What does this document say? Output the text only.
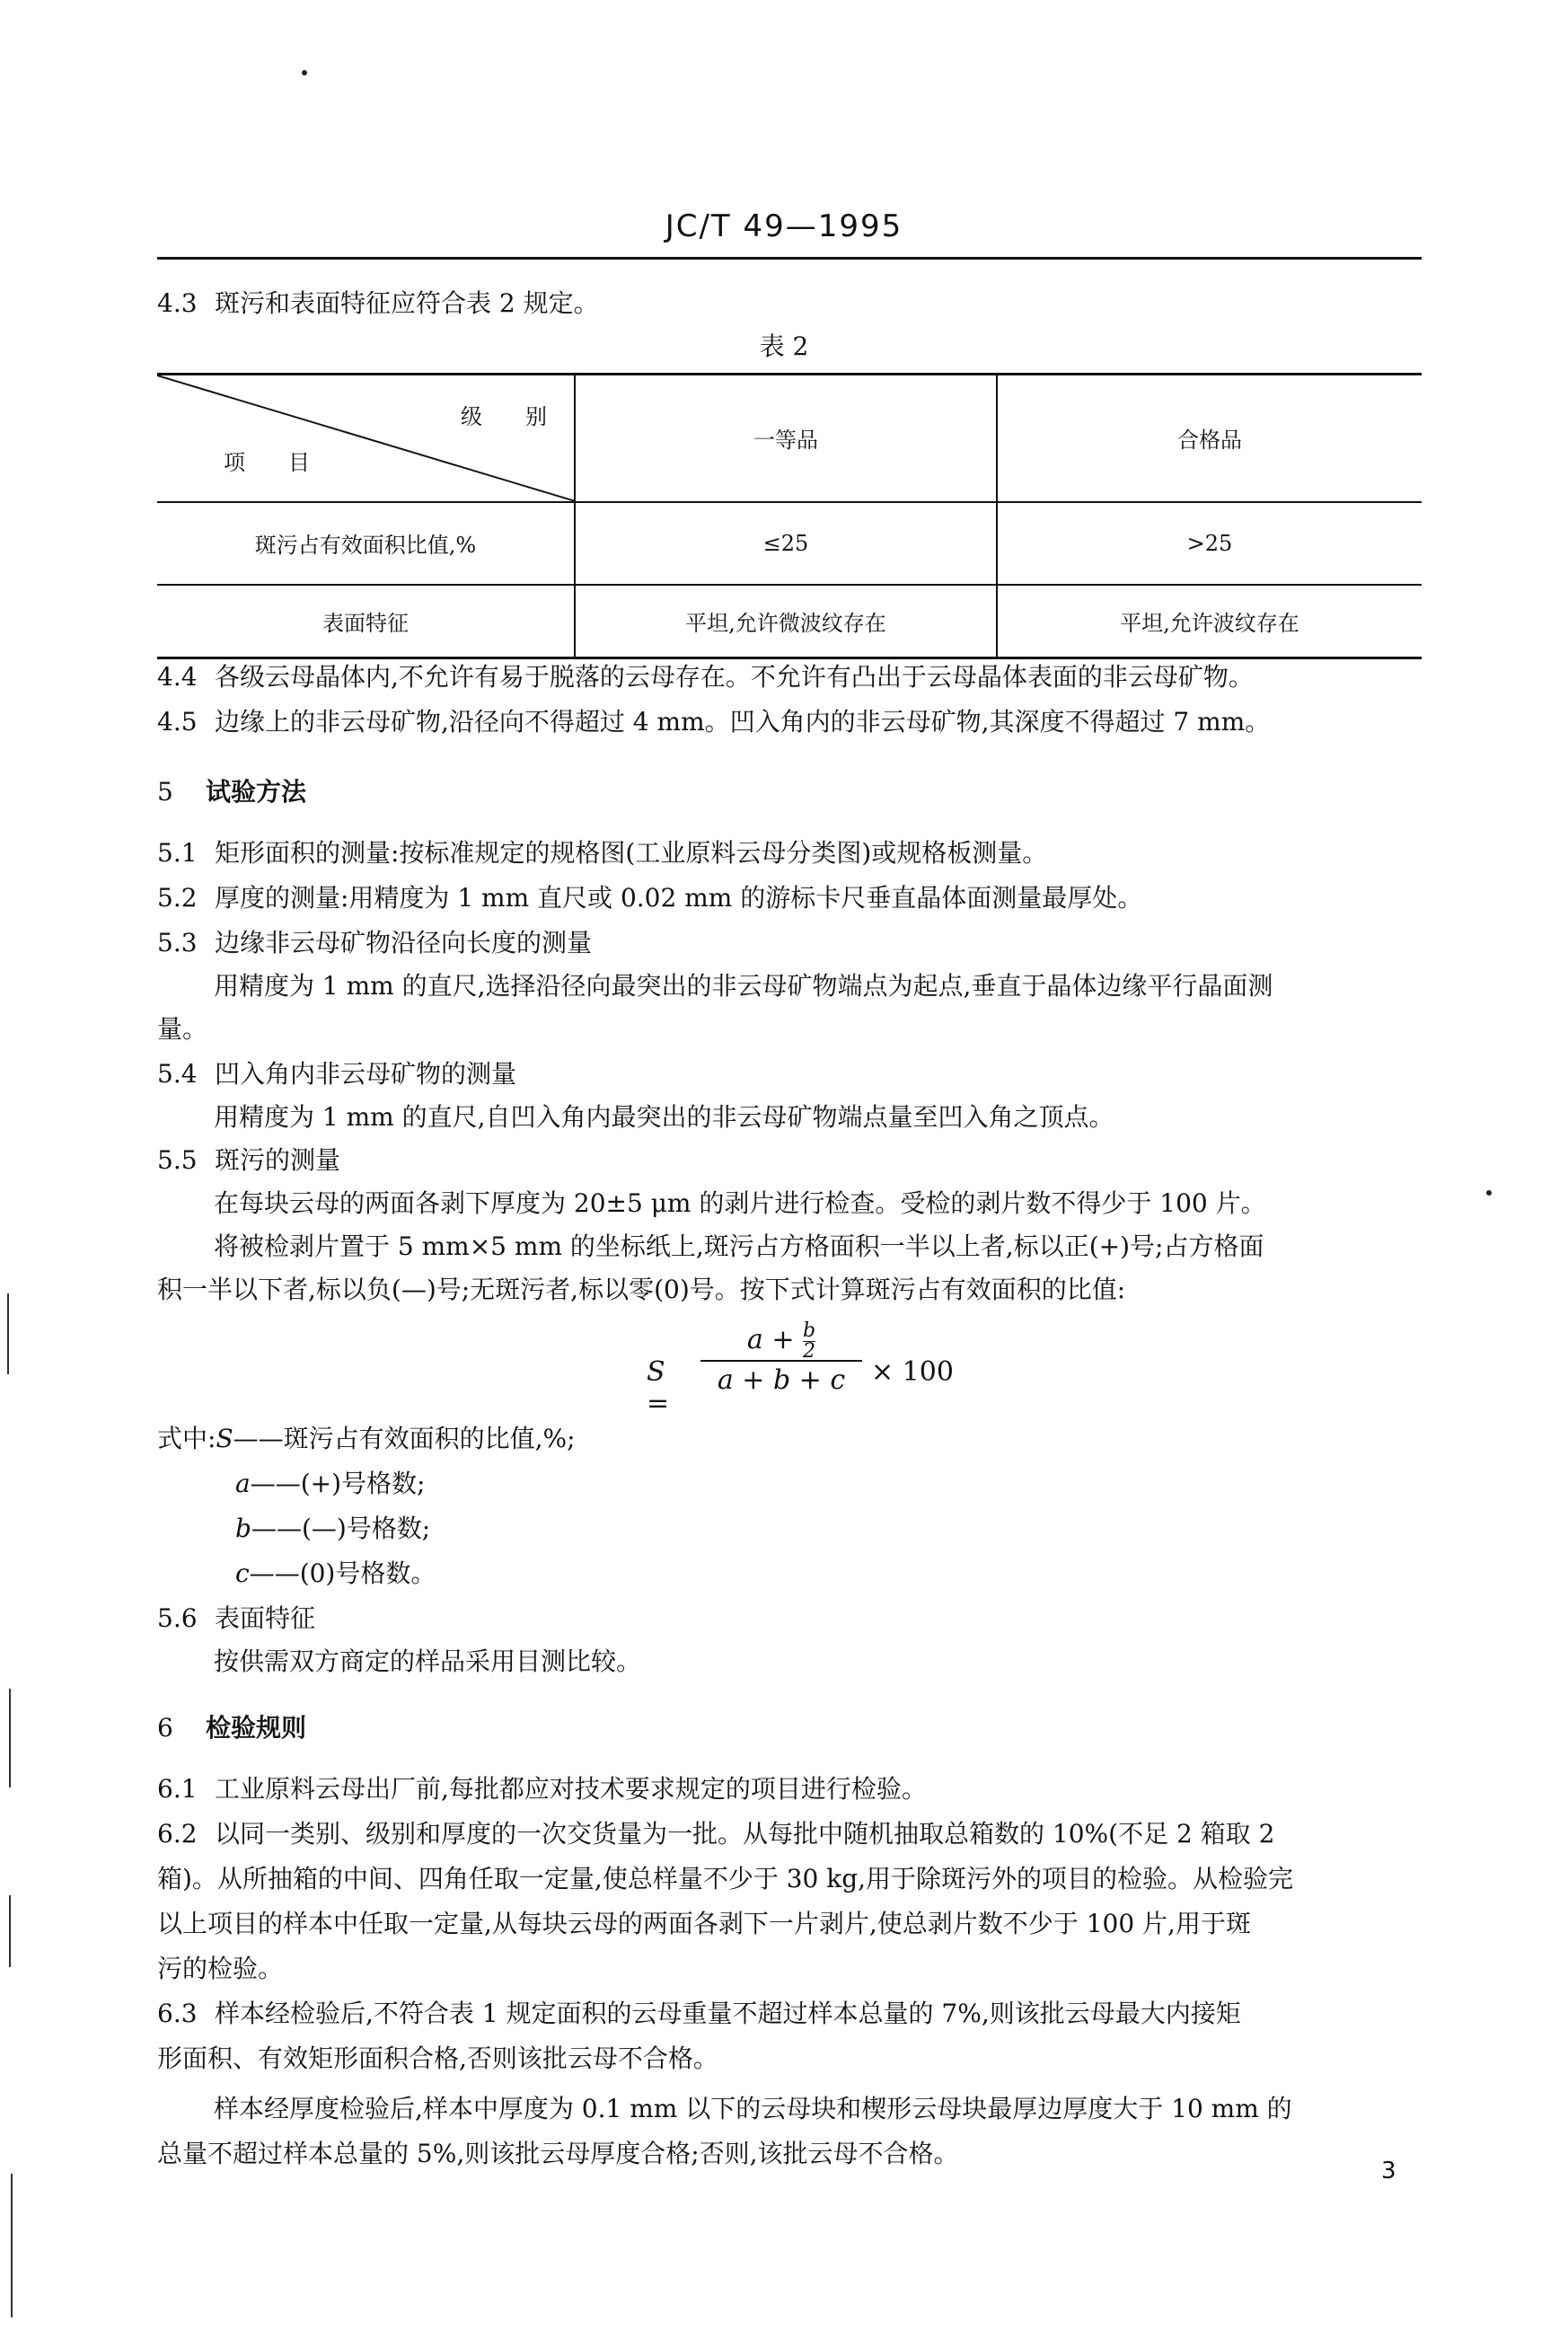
JC/T 49—1995
4.3 斑污和表面特征应符合表 2 规定。
表 2
级　　别
项　　目	一等品	合格品
斑污占有效面积比值,%	≤25	>25
表面特征	平坦,允许微波纹存在	平坦,允许波纹存在
4.4 各级云母晶体内,不允许有易于脱落的云母存在。不允许有凸出于云母晶体表面的非云母矿物。
4.5 边缘上的非云母矿物,沿径向不得超过 4 mm。凹入角内的非云母矿物,其深度不得超过 7 mm。
5 试验方法
5.1 矩形面积的测量:按标准规定的规格图(工业原料云母分类图)或规格板测量。
5.2 厚度的测量:用精度为 1 mm 直尺或 0.02 mm 的游标卡尺垂直晶体面测量最厚处。
5.3 边缘非云母矿物沿径向长度的测量
用精度为 1 mm 的直尺,选择沿径向最突出的非云母矿物端点为起点,垂直于晶体边缘平行晶面测
量。
5.4 凹入角内非云母矿物的测量
用精度为 1 mm 的直尺,自凹入角内最突出的非云母矿物端点量至凹入角之顶点。
5.5 斑污的测量
在每块云母的两面各剥下厚度为 20±5 μm 的剥片进行检查。受检的剥片数不得少于 100 片。
将被检剥片置于 5 mm×5 mm 的坐标纸上,斑污占方格面积一半以上者,标以正(+)号;占方格面
积一半以下者,标以负(—)号;无斑污者,标以零(0)号。按下式计算斑污占有效面积的比值:
S =
$a + \frac{b}{2}$
a + b + c × 100
式中:S——斑污占有效面积的比值,%;
a——(+)号格数;
b——(—)号格数;
c——(0)号格数。
5.6 表面特征
按供需双方商定的样品采用目测比较。
6 检验规则
6.1 工业原料云母出厂前,每批都应对技术要求规定的项目进行检验。
6.2 以同一类别、级别和厚度的一次交货量为一批。从每批中随机抽取总箱数的 10%(不足 2 箱取 2
箱)。从所抽箱的中间、四角任取一定量,使总样量不少于 30 kg,用于除斑污外的项目的检验。从检验完
以上项目的样本中任取一定量,从每块云母的两面各剥下一片剥片,使总剥片数不少于 100 片,用于斑
污的检验。
6.3 样本经检验后,不符合表 1 规定面积的云母重量不超过样本总量的 7%,则该批云母最大内接矩
形面积、有效矩形面积合格,否则该批云母不合格。
样本经厚度检验后,样本中厚度为 0.1 mm 以下的云母块和楔形云母块最厚边厚度大于 10 mm 的
总量不超过样本总量的 5%,则该批云母厚度合格;否则,该批云母不合格。
3
